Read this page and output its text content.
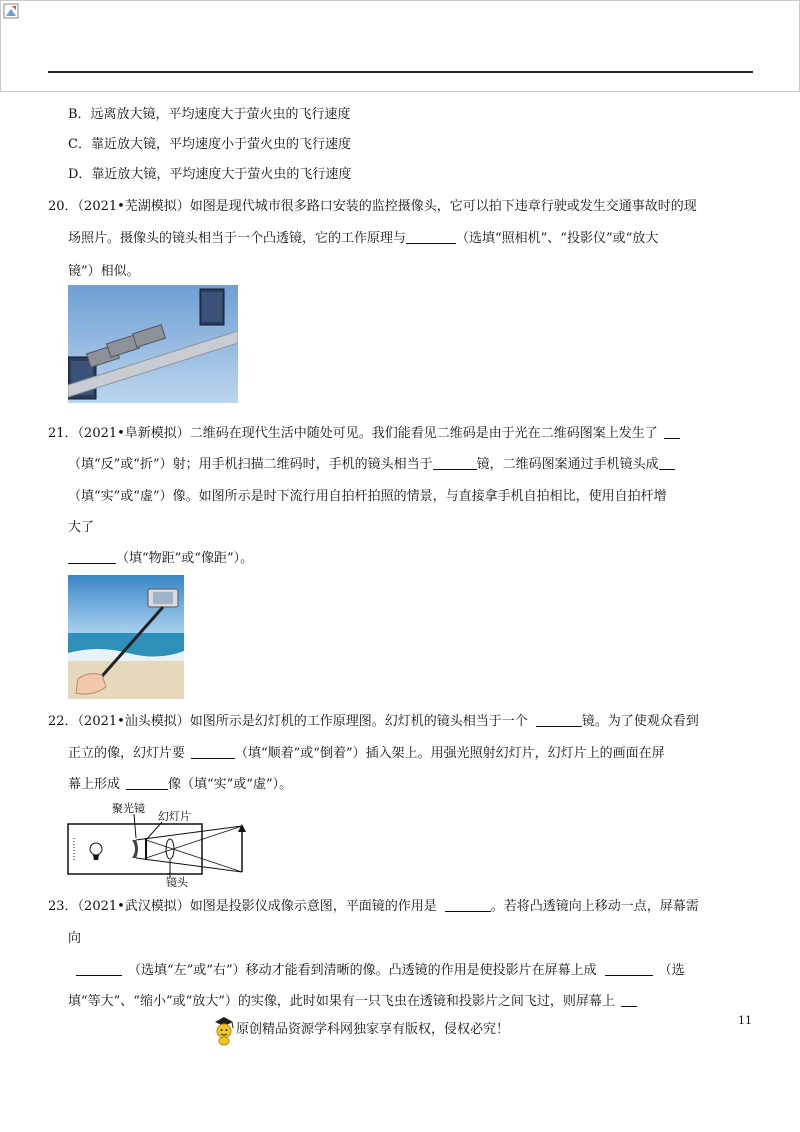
B．远离放大镜，平均速度大于萤火虫的飞行速度
C．靠近放大镜，平均速度小于萤火虫的飞行速度
D．靠近放大镜，平均速度大于萤火虫的飞行速度
20．（2021•芜湖模拟）如图是现代城市很多路口安装的监控摄像头，它可以拍下违章行驶或发生交通事故时的现
场照片。摄像头的镜头相当于一个凸透镜，它的工作原理与	（选填“照相机”、“投影仪”或“放大
镜”）相似。
21．（2021•阜新模拟）二维码在现代生活中随处可见。我们能看见二维码是由于光在二维码图案上发生了
（填“反”或“折”）射；用手机扫描二维码时，手机的镜头相当于	镜，二维码图案通过手机镜头成
（填“实”或“虚”）像。如图所示是时下流行用自拍杆拍照的情景，与直接拿手机自拍相比，使用自拍杆增
大了
（填“物距”或“像距”）。
22．（2021•汕头模拟）如图所示是幻灯机的工作原理图。幻灯机的镜头相当于一个	镜。为了使观众看到
正立的像，幻灯片要	（填“顺着”或“倒着”）插入架上。用强光照射幻灯片，幻灯片上的画面在屏
幕上形成	像（填“实”或“虚”）。
聚光镜
幻灯片
镜头
23．（2021•武汉模拟）如图是投影仪成像示意图，平面镜的作用是	。若将凸透镜向上移动一点，屏幕需
向
（选填“左”或“右”）移动才能看到清晰的像。凸透镜的作用是使投影片在屏幕上成	（选
填“等大”、“缩小”或“放大”）的实像，此时如果有一只飞虫在透镜和投影片之间飞过，则屏幕上
原创精品资源学科网独家享有版权，侵权必究！
11
